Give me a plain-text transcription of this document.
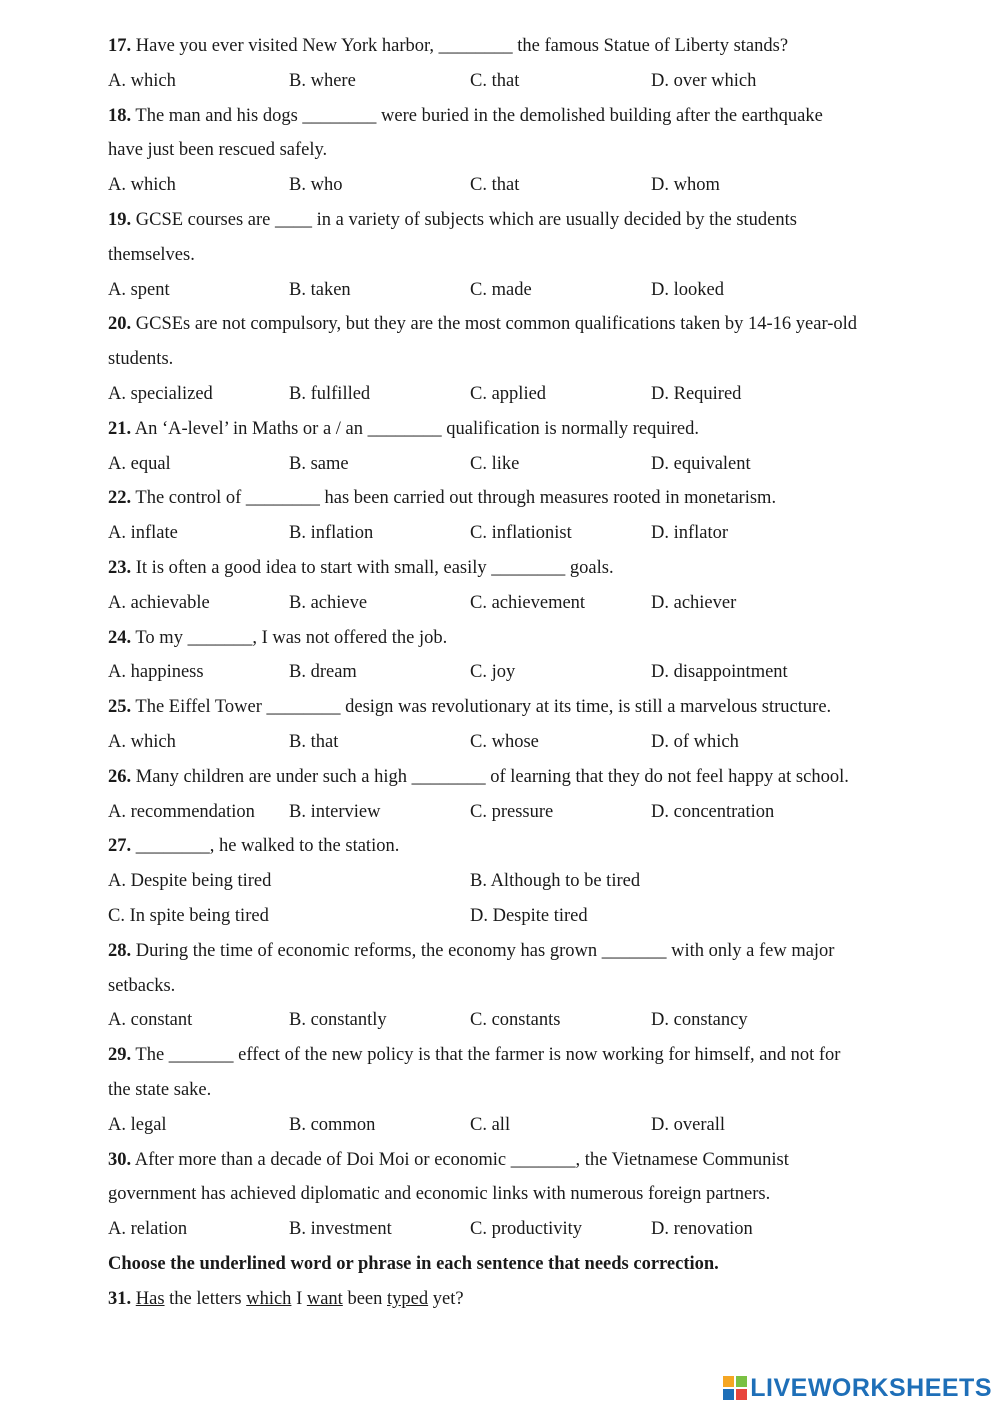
17. Have you ever visited New York harbor, ________ the famous Statue of Liberty stands?
A. which	B. where	C. that	D. over which
18. The man and his dogs ________ were buried in the demolished building after the earthquake
have just been rescued safely.
A. which	B. who	C. that	D. whom
19. GCSE courses are ____ in a variety of subjects which are usually decided by the students
themselves.
A. spent	B. taken	C. made	D. looked
20. GCSEs are not compulsory, but they are the most common qualifications taken by 14-16 year-old
students.
A. specialized	B. fulfilled	C. applied	D. Required
21. An ‘A-level’ in Maths or a / an ________ qualification is normally required.
A. equal	B. same	C. like	D. equivalent
22. The control of ________ has been carried out through measures rooted in monetarism.
A. inflate	B. inflation	C. inflationist	D. inflator
23. It is often a good idea to start with small, easily ________ goals.
A. achievable	B. achieve	C. achievement	D. achiever
24. To my _______, I was not offered the job.
A. happiness	B. dream	C. joy	D. disappointment
25. The Eiffel Tower ________ design was revolutionary at its time, is still a marvelous structure.
A. which	B. that	C. whose	D. of which
26. Many children are under such a high ________ of learning that they do not feel happy at school.
A. recommendation	B. interview	C. pressure	D. concentration
27. ________, he walked to the station.
A. Despite being tired	B. Although to be tired
C. In spite being tired	D. Despite tired
28. During the time of economic reforms, the economy has grown _______ with only a few major
setbacks.
A. constant	B. constantly	C. constants	D. constancy
29. The _______ effect of the new policy is that the farmer is now working for himself, and not for
the state sake.
A. legal	B. common	C. all	D. overall
30. After more than a decade of Doi Moi or economic _______, the Vietnamese Communist
government has achieved diplomatic and economic links with numerous foreign partners.
A. relation	B. investment	C. productivity	D. renovation
Choose the underlined word or phrase in each sentence that needs correction.
31. Has the letters which I want been typed yet?
LIVEWORKSHEETS
